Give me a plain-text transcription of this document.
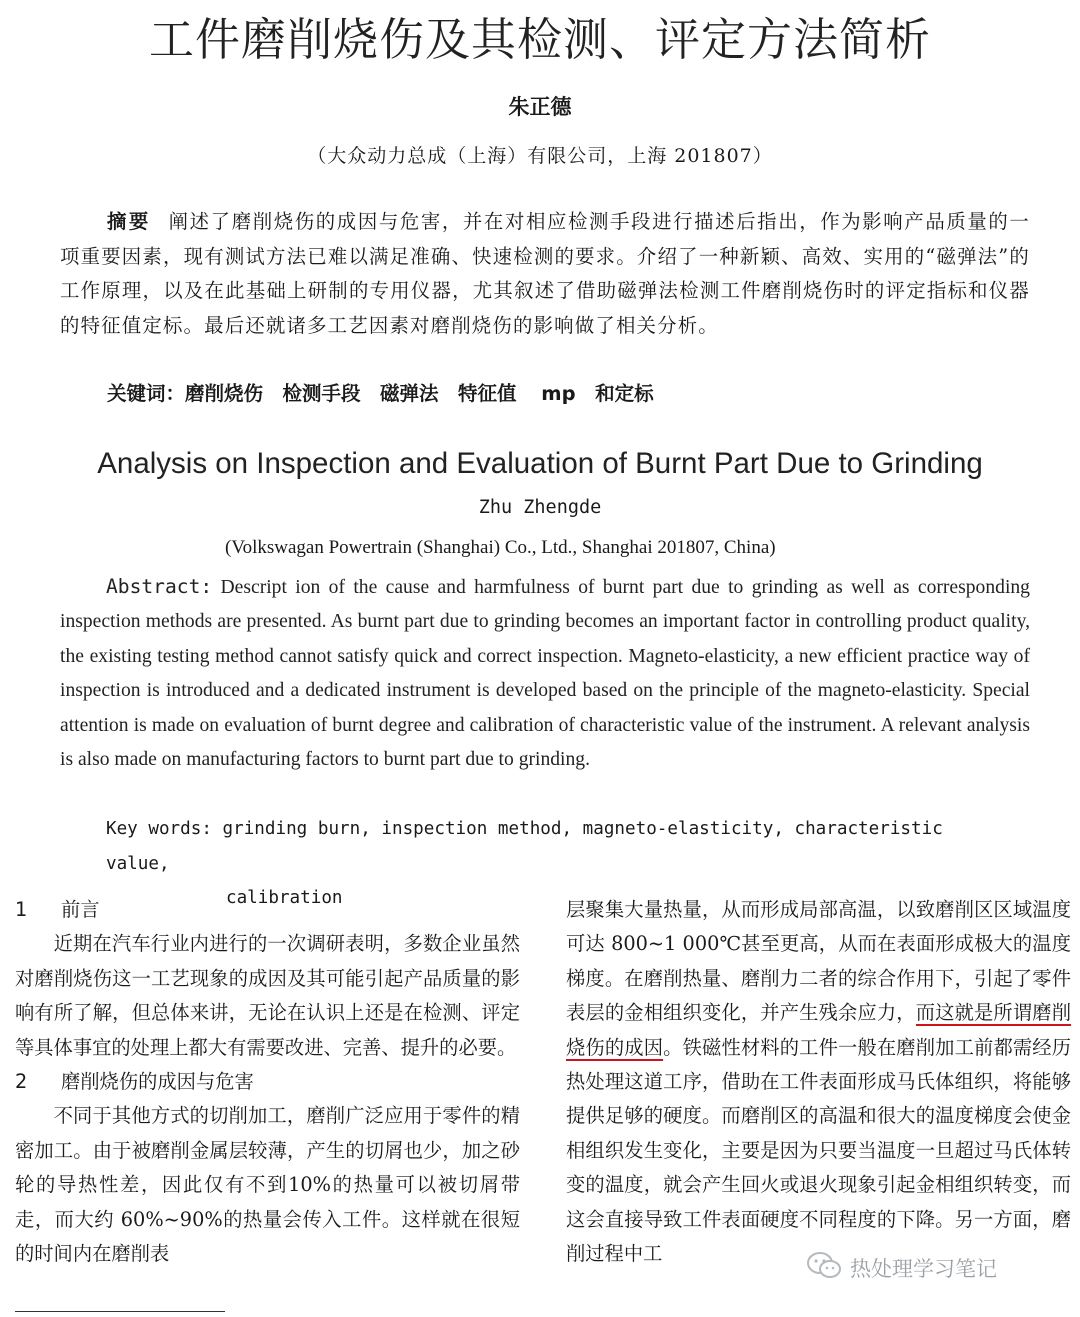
工件磨削烧伤及其检测、评定方法简析
朱正德
（大众动力总成（上海）有限公司，上海 201807）
摘要 阐述了磨削烧伤的成因与危害，并在对相应检测手段进行描述后指出，作为影响产品质量的一项重要因素，现有测试方法已难以满足准确、快速检测的要求。介绍了一种新颖、高效、实用的“磁弹法”的工作原理，以及在此基础上研制的专用仪器，尤其叙述了借助磁弹法检测工件磨削烧伤时的评定指标和仪器的特征值定标。最后还就诸多工艺因素对磨削烧伤的影响做了相关分析。
关键词：磨削烧伤　检测手段　磁弹法　特征值 mp　和定标
Analysis on Inspection and Evaluation of Burnt Part Due to Grinding
Zhu Zhengde
(Volkswagan Powertrain (Shanghai) Co., Ltd., Shanghai 201807, China)
Abstract: Descript ion of the cause and harmfulness of burnt part due to grinding as well as corresponding inspection methods are presented. As burnt part due to grinding becomes an important factor in controlling product quality, the existing testing method cannot satisfy quick and correct inspection. Magneto-elasticity, a new efficient practice way of inspection is introduced and a dedicated instrument is developed based on the principle of the magneto-elasticity. Special attention is made on evaluation of burnt degree and calibration of characteristic value of the instrument. A relevant analysis is also made on manufacturing factors to burnt part due to grinding.
Key words: grinding burn, inspection method, magneto-elasticity, characteristic value,
calibration

1 前言

近期在汽车行业内进行的一次调研表明，多数企业虽然对磨削烧伤这一工艺现象的成因及其可能引起产品质量的影响有所了解，但总体来讲，无论在认识上还是在检测、评定等具体事宜的处理上都大有需要改进、完善、提升的必要。

2 磨削烧伤的成因与危害

不同于其他方式的切削加工，磨削广泛应用于零件的精密加工。由于被磨削金属层较薄，产生的切屑也少，加之砂轮的导热性差，因此仅有不到10%的热量可以被切屑带走，而大约 60%~90%的热量会传入工件。这样就在很短的时间内在磨削表

层聚集大量热量，从而形成局部高温，以致磨削区区域温度可达 800~1 000℃甚至更高，从而在表面形成极大的温度梯度。在磨削热量、磨削力二者的综合作用下，引起了零件表层的金相组织变化，并产生残余应力，而这就是所谓磨削烧伤的成因。铁磁性材料的工件一般在磨削加工前都需经历热处理这道工序，借助在工件表面形成马氏体组织，将能够提供足够的硬度。而磨削区的高温和很大的温度梯度会使金相组织发生变化，主要是因为只要当温度一旦超过马氏体转变的温度，就会产生回火或退火现象引起金相组织转变，而这会直接导致工件表面硬度不同程度的下降。另一方面，磨削过程中工

热处理学习笔记
